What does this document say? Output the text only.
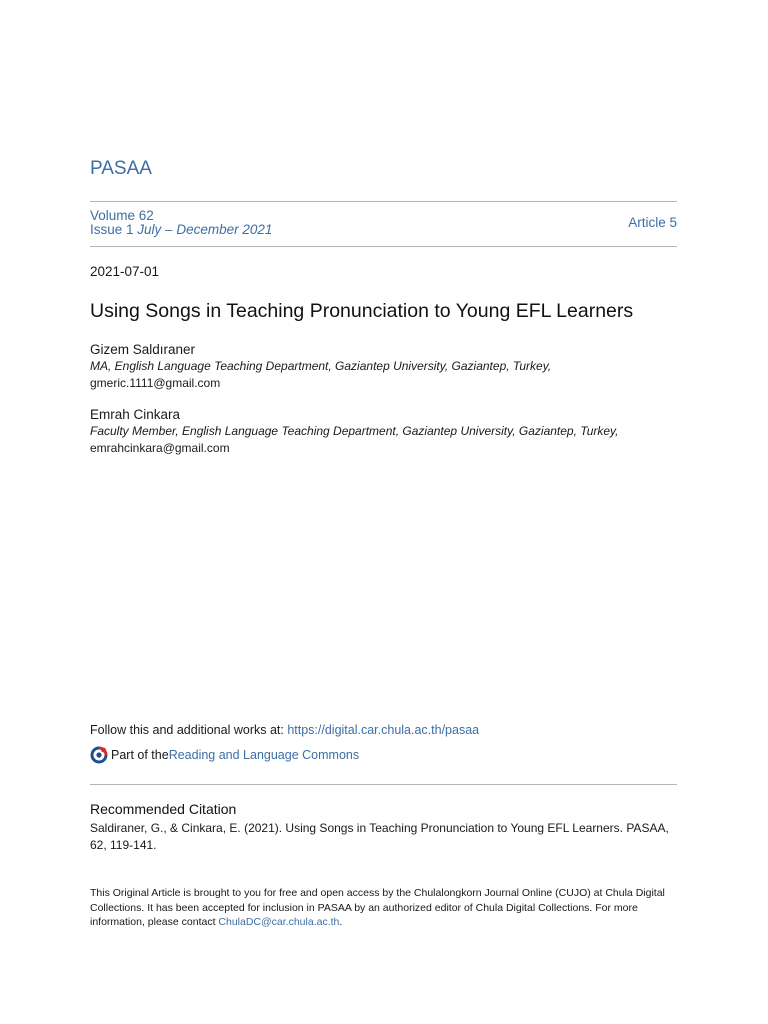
PASAA
Volume 62
Issue 1 July – December 2021	Article 5
2021-07-01
Using Songs in Teaching Pronunciation to Young EFL Learners
Gizem Saldıraner
MA, English Language Teaching Department, Gaziantep University, Gaziantep, Turkey,
gmeric.1111@gmail.com
Emrah Cinkara
Faculty Member, English Language Teaching Department, Gaziantep University, Gaziantep, Turkey,
emrahcinkara@gmail.com
Follow this and additional works at: https://digital.car.chula.ac.th/pasaa
Part of the Reading and Language Commons
Recommended Citation
Saldiraner, G., & Cinkara, E. (2021). Using Songs in Teaching Pronunciation to Young EFL Learners. PASAA, 62, 119-141.
This Original Article is brought to you for free and open access by the Chulalongkorn Journal Online (CUJO) at Chula Digital Collections. It has been accepted for inclusion in PASAA by an authorized editor of Chula Digital Collections. For more information, please contact ChulaDC@car.chula.ac.th.
